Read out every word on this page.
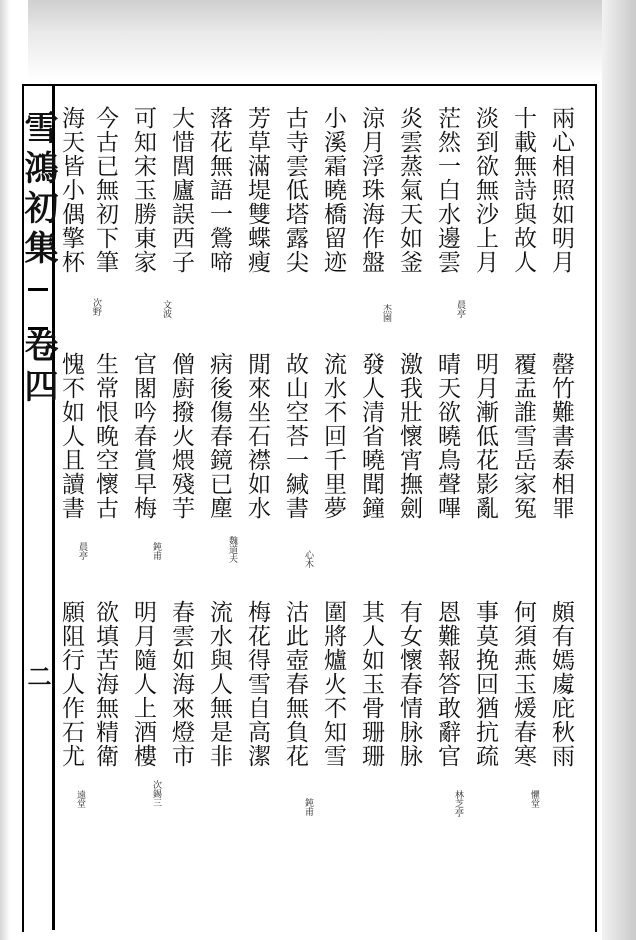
雪鴻初集
卷四
二	頗有嫣䖏庇秋雨
何須燕玉煖春寒
懼堂
事莫挽回猶抗疏
恩難報答敢辭官
林芝亭
有女懷春情脉脉
其人如玉骨珊珊
圍將爐火不知雪
沽此壺春無負花
鈍甫
梅花得雪自高潔
流水與人無是非
春雲如海來燈市
明月隨人上酒樓
次錫三
欲填苦海無精衛
願阻行人作石尤
遠堂
罄竹難書泰相罪
覆盂誰雪岳家冤
明月漸低花影亂
晴天欲曉鳥聲嗶
激我壯懷宵撫劍
發人清省曉聞鐘
流水不回千里夢
故山空荅一緘書
心木
閒來坐石襟如水
病後傷春鏡已塵
魏道夫
僧廚撥火煨殘芋
官閣吟春賞早梅
鈍甫
生常恨晚空懷古
愧不如人且讀書
晨亭
兩心相照如明月
十載無詩與故人
淡到欲無沙上月
茫然一白水邊雲
晨亭
炎雲蒸氣天如釜
涼月浮珠海作盤
小溪霜曉橋留迹
古寺雲低塔露尖
杰園
芳草滿堤雙蝶瘦
落花無語一鶯啼
大惜閭廬誤西子
可知宋玉勝東家
文波
今古已無初下筆
海天皆小偶擎杯
次野
